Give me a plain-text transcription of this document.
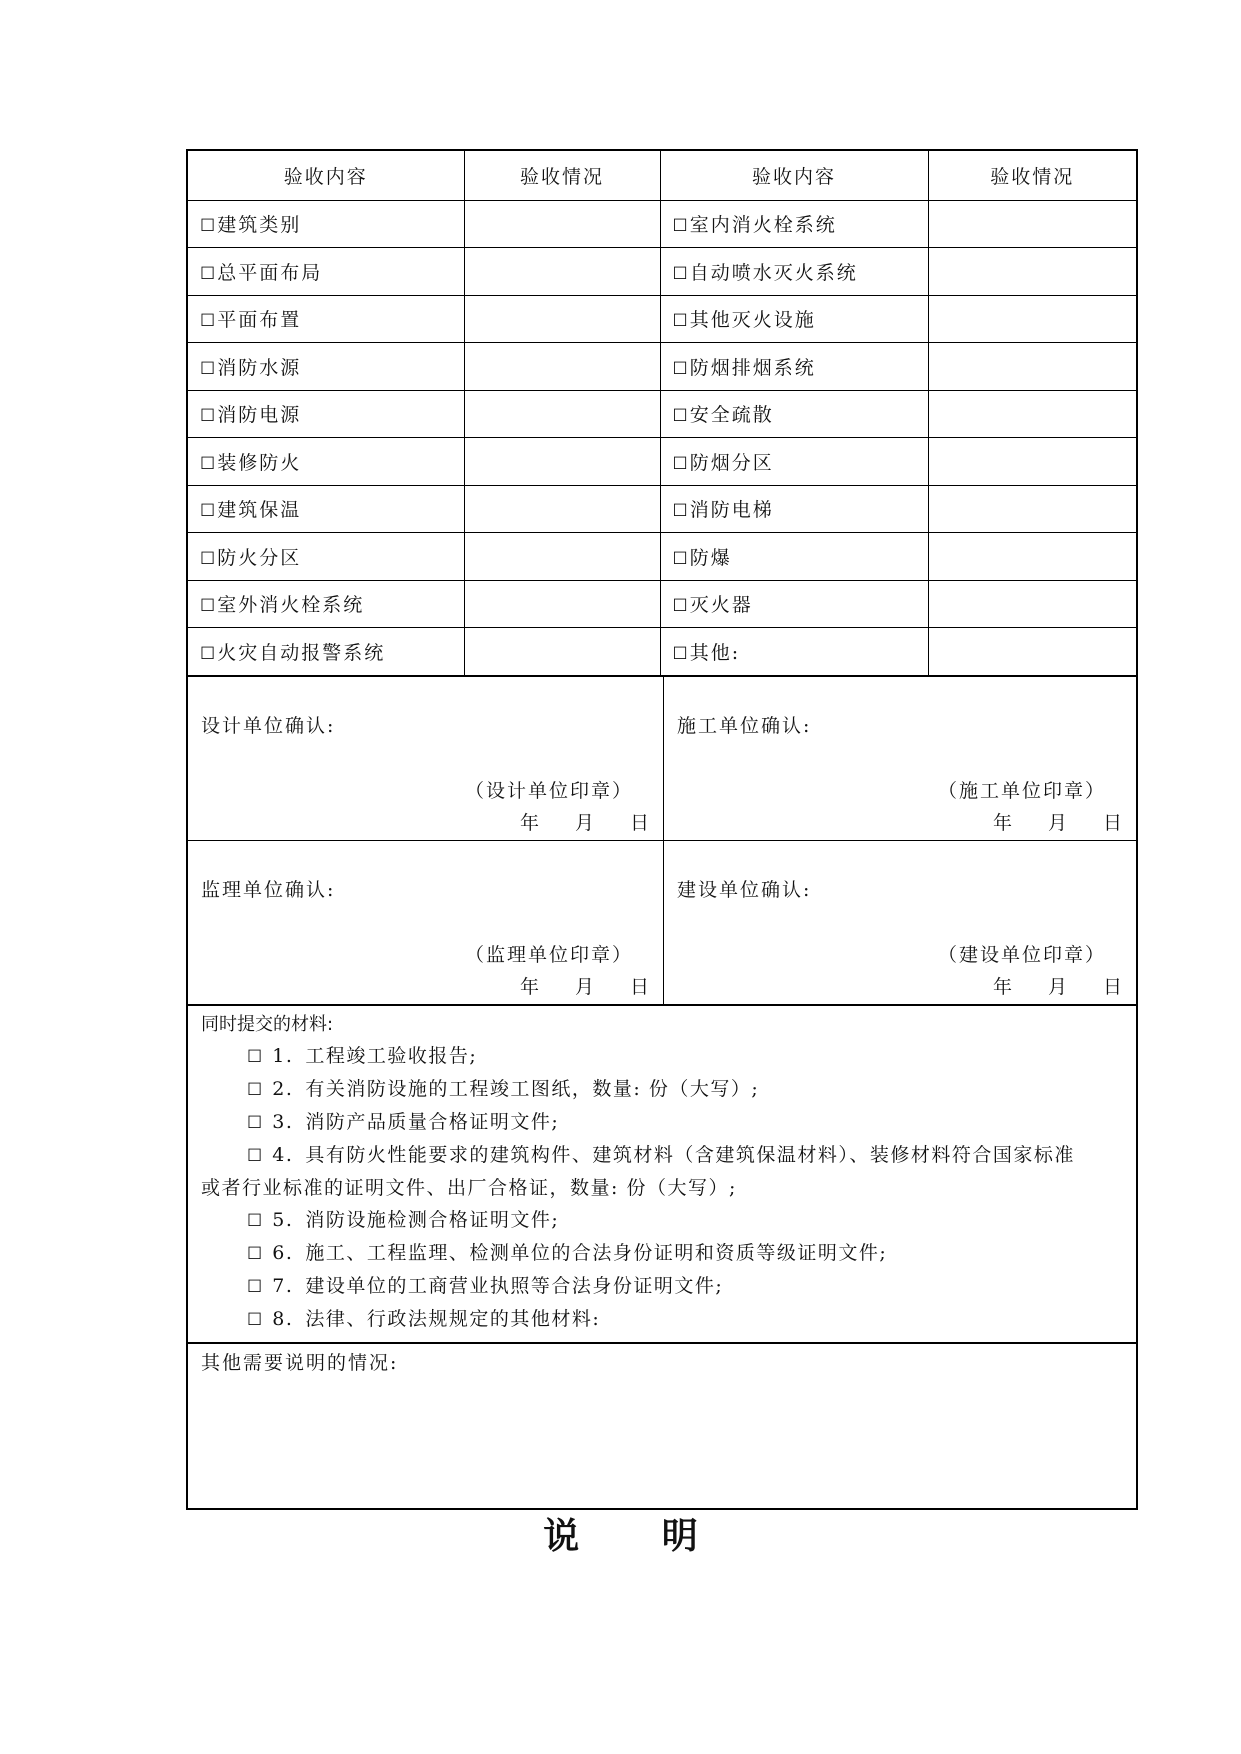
验收内容	验收情况	验收内容	验收情况
☐ 建筑类别		☐ 室内消火栓系统	
☐ 总平面布局		☐ 自动喷水灭火系统	
☐ 平面布置		☐ 其他灭火设施	
☐ 消防水源		☐ 防烟排烟系统	
☐ 消防电源		☐ 安全疏散	
☐ 装修防火		☐ 防烟分区	
☐ 建筑保温		☐ 消防电梯	
☐ 防火分区		☐ 防爆	
☐ 室外消火栓系统		☐ 灭火器	
☐ 火灾自动报警系统		☐ 其他:	
设计单位确认:
（设计单位印章）
年 月 日
施工单位确认:
（施工单位印章）
年 月 日
监理单位确认:
（监理单位印章）
年 月 日
建设单位确认:
（建设单位印章）
年 月 日
同时提交的材料:
☐ 1. 工程竣工验收报告;
☐ 2. 有关消防设施的工程竣工图纸，数量: 份（大写）;
☐ 3. 消防产品质量合格证明文件;
☐ 4. 具有防火性能要求的建筑构件、建筑材料（含建筑保温材料）、装修材料符合国家标准
或者行业标准的证明文件、出厂合格证，数量: 份（大写）;
☐ 5. 消防设施检测合格证明文件;
☐ 6. 施工、工程监理、检测单位的合法身份证明和资质等级证明文件;
☐ 7. 建设单位的工商营业执照等合法身份证明文件;
☐ 8. 法律、行政法规规定的其他材料:
其他需要说明的情况:
说 明
